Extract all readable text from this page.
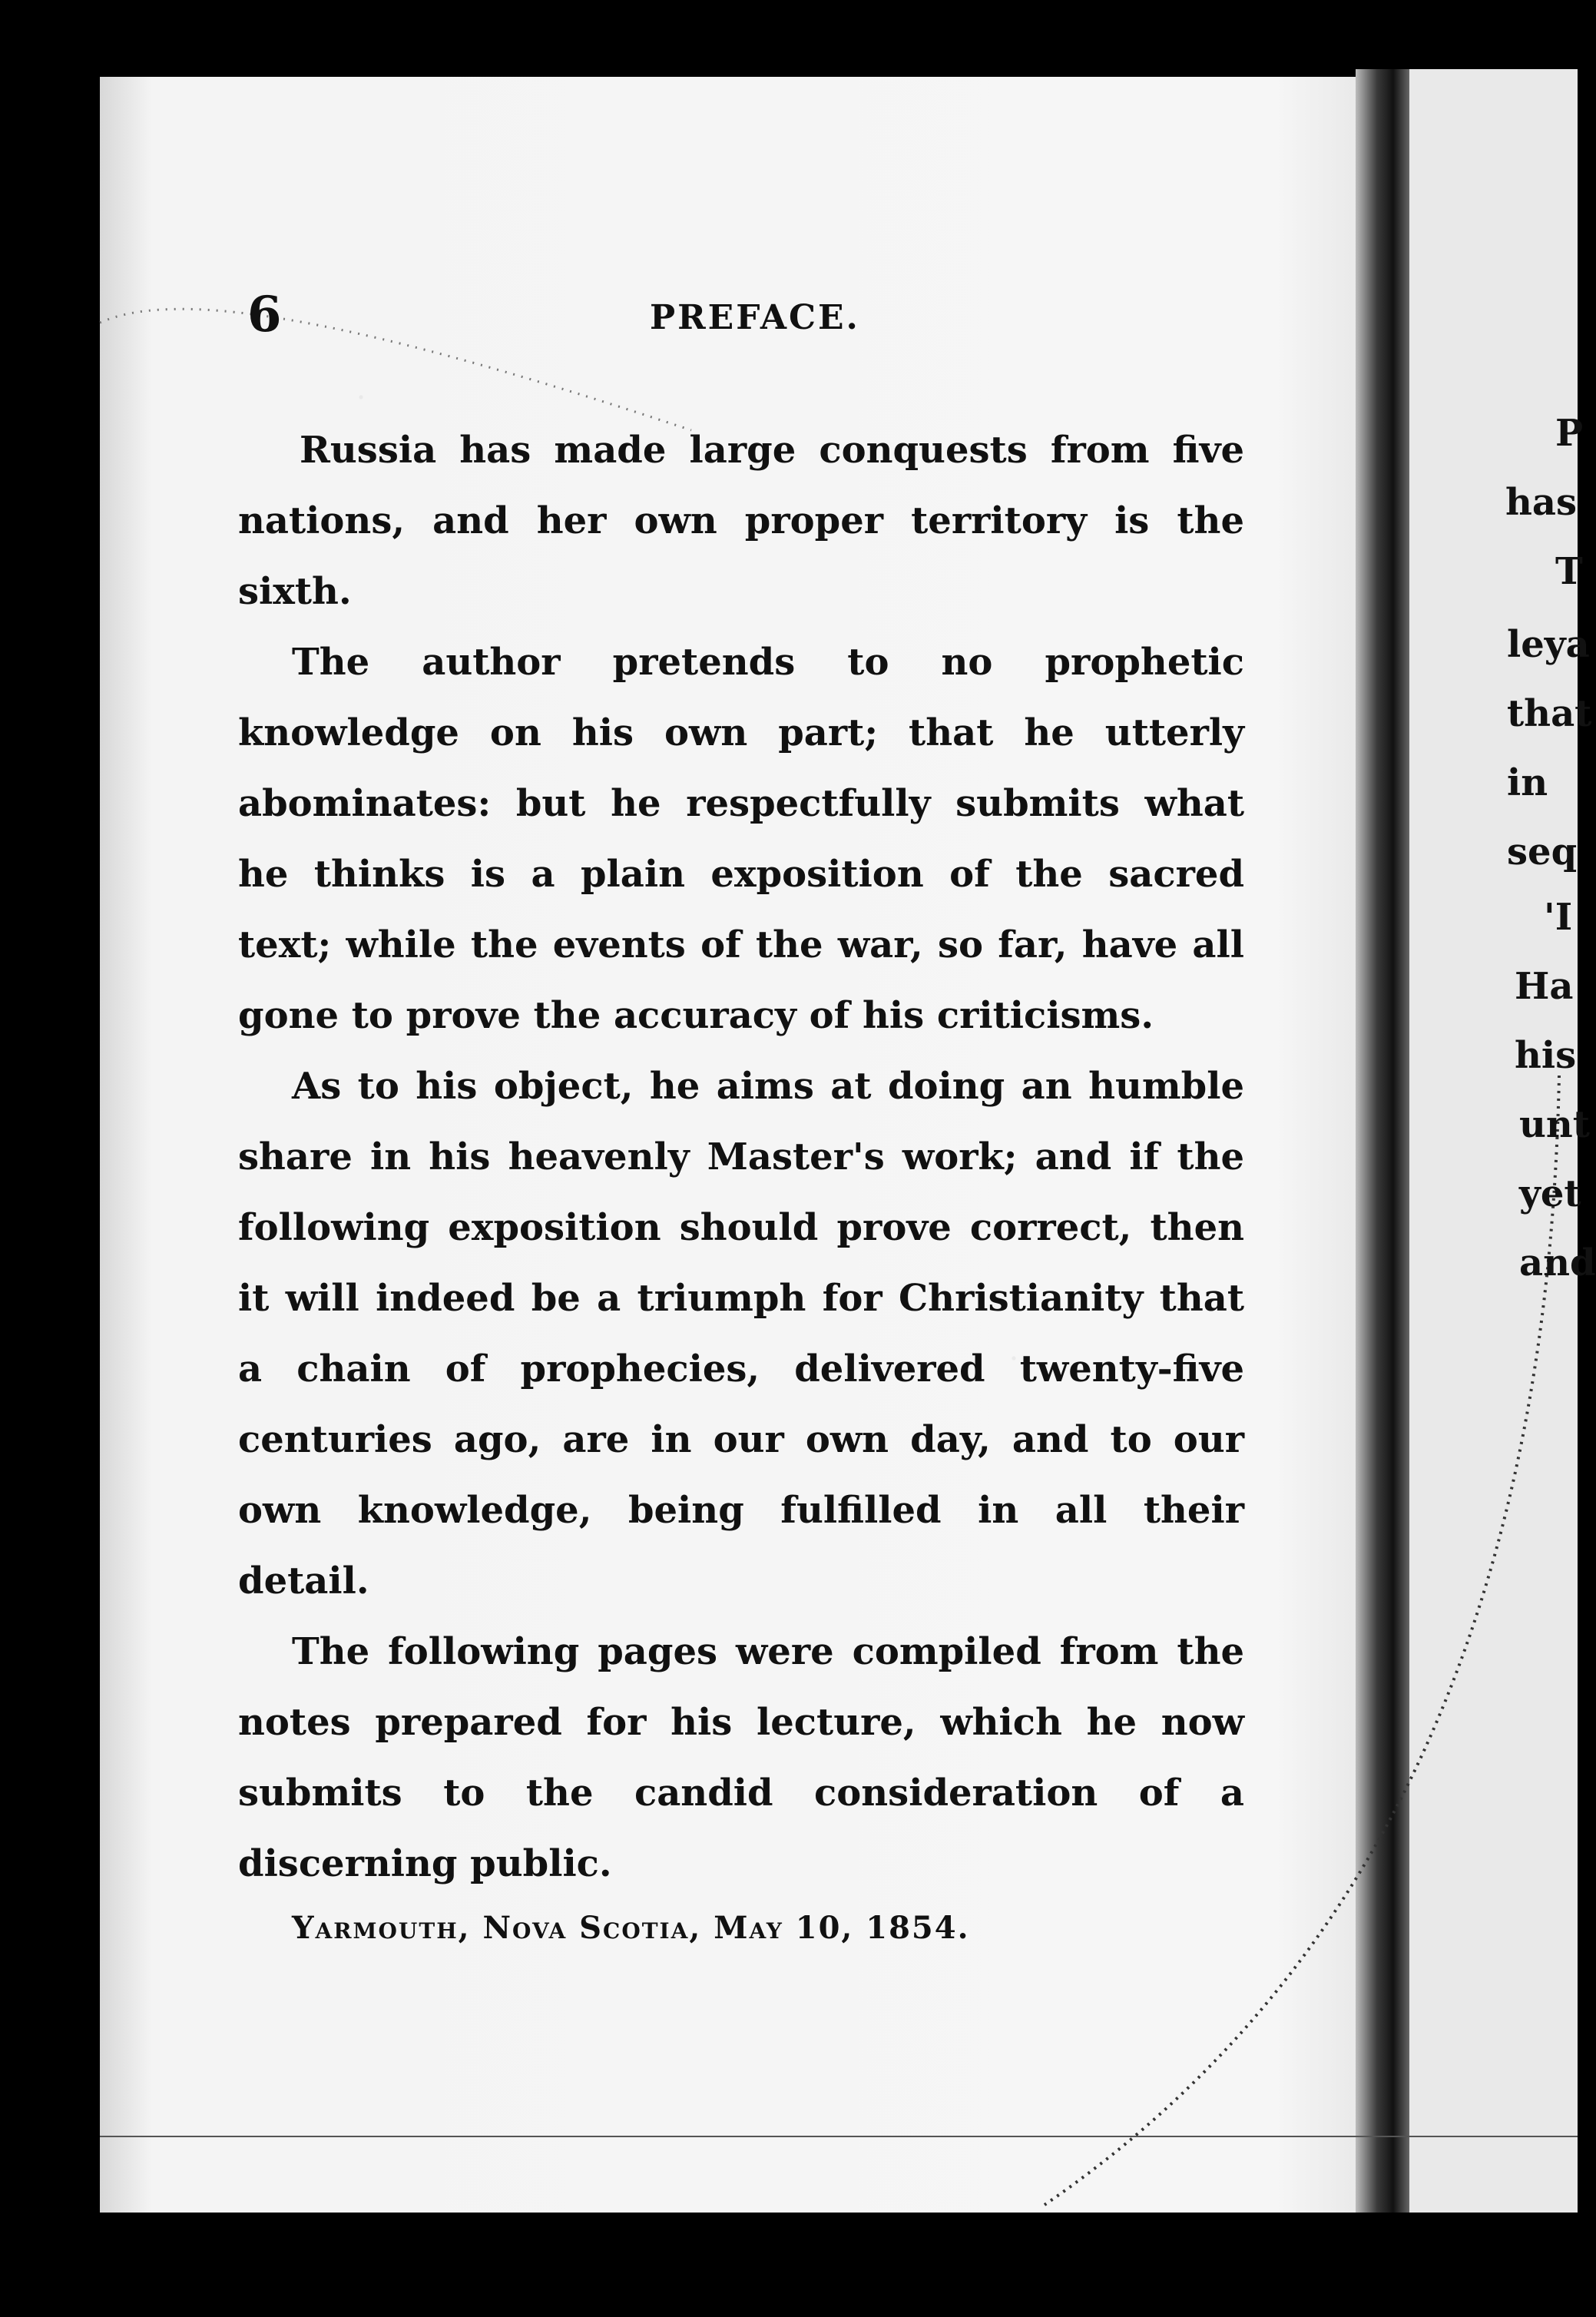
6	PREFACE.

Russia has made large conquests from five nations, and her own proper territory is the sixth.

The author pretends to no prophetic knowledge on his own part; that he utterly abominates: but he respectfully submits what he thinks is a plain exposition of the sacred text; while the events of the war, so far, have all gone to prove the accuracy of his criticisms.

As to his object, he aims at doing an humble share in his heavenly Master's work; and if the following exposition should prove correct, then it will indeed be a triumph for Christianity that a chain of prophecies, delivered twenty-five centuries ago, are in our own day, and to our own knowledge, being fulfilled in all their detail.

The following pages were compiled from the notes prepared for his lecture, which he now submits to the candid consideration of a discerning public.

Yarmouth, Nova Scotia, May 10, 1854.
P
has
T
leya
that
in
seq
'I
Ha
his
unt
yet
and
